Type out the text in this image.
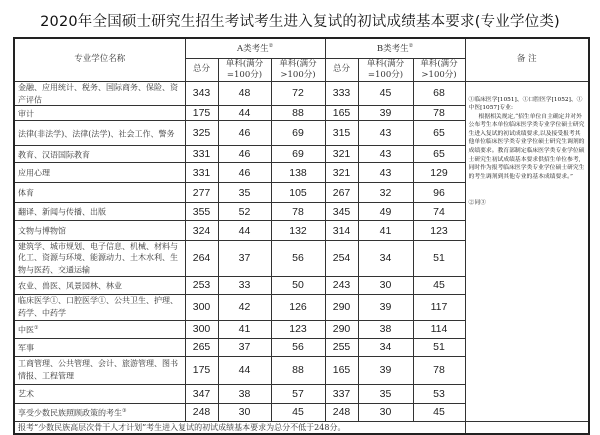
2020年全国硕士研究生招生考试考生进入复试的初试成绩基本要求(专业学位类)
专业学位名称	A类考生②			B类考生②			备 注
	总分	单科(满分=100分)	单科(满分>100分)	总分	单科(满分=100分)	单科(满分>100分)	
金融、应用统计、税务、国际商务、保险、资产评估	343	48	72	333	45	68	①临床医学[1051]、①口腔医学[1052]、①中医[1057]专业:

根据相关规定,“招生单位自主确定并对外公布考生本单位临床医学类专业学位硕士研究生进入复试的初试成绩要求,以及接受报考其他单位临床医学类专业学位硕士研究生调剂的成绩要求。教育部制定临床医学类专业学位硕士研究生初试成绩基本要求供招生单位参考,同时作为报考临床医学类专业学位硕士研究生的考生调剂到其他专业的基本成绩要求。”

②同③

审计	175	44	88	165	39	78	
法律(非法学)、法律(法学)、社会工作、警务	325	46	69	315	43	65	
教育、汉语国际教育	331	46	69	321	43	65	
应用心理	331	46	138	321	43	129	
体育	277	35	105	267	32	96	
翻译、新闻与传播、出版	355	52	78	345	49	74	
文物与博物馆	324	44	132	314	41	123	
建筑学、城市规划、电子信息、机械、材料与化工、资源与环境、能源动力、土木水利、生物与医药、交通运输	264	37	56	254	34	51	
农业、兽医、风景园林、林业	253	33	50	243	30	45	
临床医学①、口腔医学①、公共卫生、护理、药学、中药学	300	42	126	290	39	117	
中医①	300	41	123	290	38	114	
军事	265	37	56	255	34	51	
工商管理、公共管理、会计、旅游管理、图书情报、工程管理	175	44	88	165	39	78	
艺术	347	38	57	337	35	53	
享受少数民族照顾政策的考生③	248	30	45	248	30	45	
报考“少数民族高层次骨干人才计划”考生进入复试的初试成绩基本要求为总分不低于248分。							
